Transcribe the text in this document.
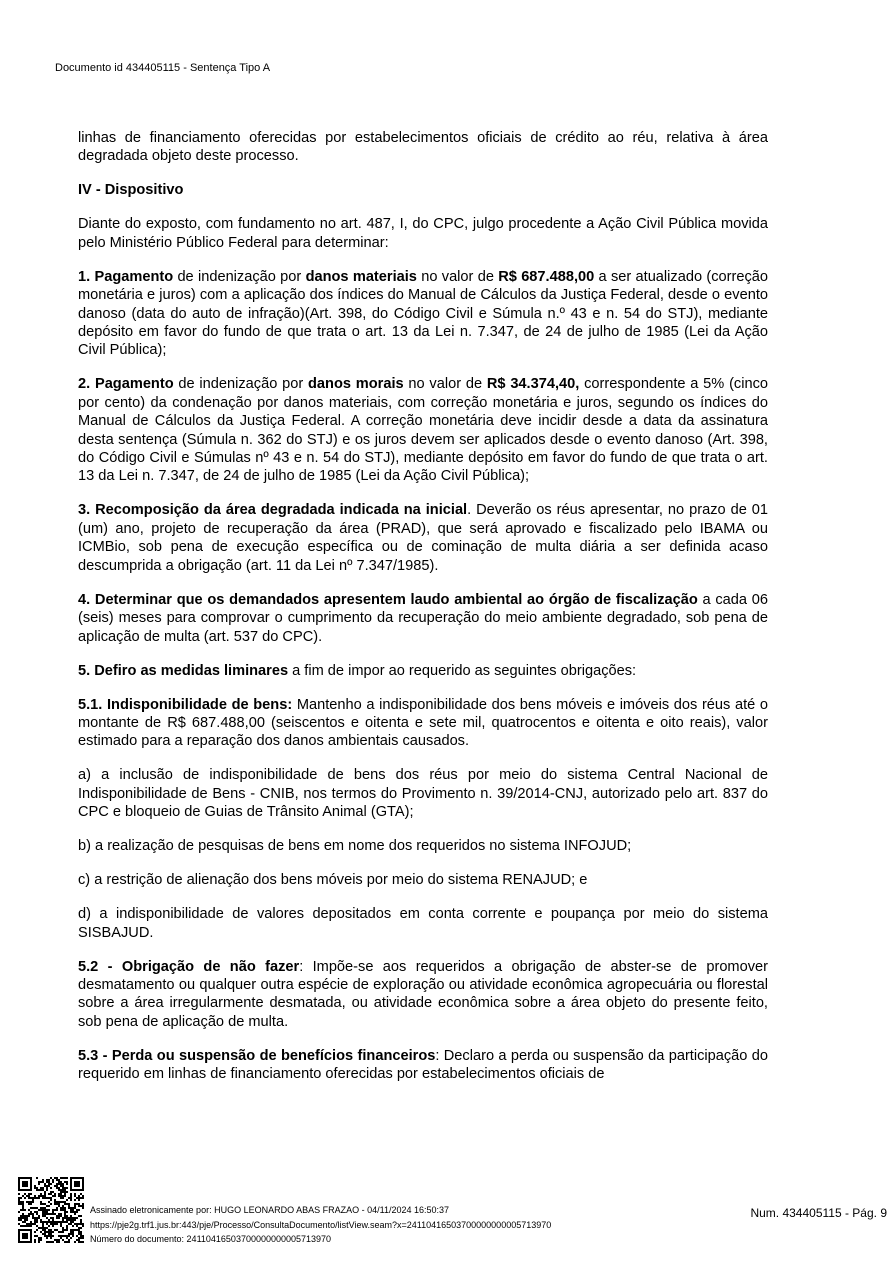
Documento id 434405115 - Sentença Tipo A

linhas de financiamento oferecidas por estabelecimentos oficiais de crédito ao réu, relativa à área degradada objeto deste processo.

IV - Dispositivo

Diante do exposto, com fundamento no art. 487, I, do CPC, julgo procedente a Ação Civil Pública movida pelo Ministério Público Federal para determinar:

1. Pagamento de indenização por danos materiais no valor de R$ 687.488,00 a ser atualizado (correção monetária e juros) com a aplicação dos índices do Manual de Cálculos da Justiça Federal, desde o evento danoso (data do auto de infração)(Art. 398, do Código Civil e Súmula n.º 43 e n. 54 do STJ), mediante depósito em favor do fundo de que trata o art. 13 da Lei n. 7.347, de 24 de julho de 1985 (Lei da Ação Civil Pública);

2. Pagamento de indenização por danos morais no valor de R$ 34.374,40, correspondente a 5% (cinco por cento) da condenação por danos materiais, com correção monetária e juros, segundo os índices do Manual de Cálculos da Justiça Federal. A correção monetária deve incidir desde a data da assinatura desta sentença (Súmula n. 362 do STJ) e os juros devem ser aplicados desde o evento danoso (Art. 398, do Código Civil e Súmulas nº 43 e n. 54 do STJ), mediante depósito em favor do fundo de que trata o art. 13 da Lei n. 7.347, de 24 de julho de 1985 (Lei da Ação Civil Pública);

3. Recomposição da área degradada indicada na inicial. Deverão os réus apresentar, no prazo de 01 (um) ano, projeto de recuperação da área (PRAD), que será aprovado e fiscalizado pelo IBAMA ou ICMBio, sob pena de execução específica ou de cominação de multa diária a ser definida acaso descumprida a obrigação (art. 11 da Lei nº 7.347/1985).

4. Determinar que os demandados apresentem laudo ambiental ao órgão de fiscalização a cada 06 (seis) meses para comprovar o cumprimento da recuperação do meio ambiente degradado, sob pena de aplicação de multa (art. 537 do CPC).

5. Defiro as medidas liminares a fim de impor ao requerido as seguintes obrigações:

5.1. Indisponibilidade de bens: Mantenho a indisponibilidade dos bens móveis e imóveis dos réus até o montante de R$ 687.488,00 (seiscentos e oitenta e sete mil, quatrocentos e oitenta e oito reais), valor estimado para a reparação dos danos ambientais causados.

a) a inclusão de indisponibilidade de bens dos réus por meio do sistema Central Nacional de Indisponibilidade de Bens - CNIB, nos termos do Provimento n. 39/2014-CNJ, autorizado pelo art. 837 do CPC e bloqueio de Guias de Trânsito Animal (GTA);

b) a realização de pesquisas de bens em nome dos requeridos no sistema INFOJUD;

c) a restrição de alienação dos bens móveis por meio do sistema RENAJUD; e

d) a indisponibilidade de valores depositados em conta corrente e poupança por meio do sistema SISBAJUD.

5.2 - Obrigação de não fazer: Impõe-se aos requeridos a obrigação de abster-se de promover desmatamento ou qualquer outra espécie de exploração ou atividade econômica agropecuária ou florestal sobre a área irregularmente desmatada, ou atividade econômica sobre a área objeto do presente feito, sob pena de aplicação de multa.

5.3 - Perda ou suspensão de benefícios financeiros: Declaro a perda ou suspensão da participação do requerido em linhas de financiamento oferecidas por estabelecimentos oficiais de

Assinado eletronicamente por: HUGO LEONARDO ABAS FRAZAO - 04/11/2024 16:50:37
https://pje2g.trf1.jus.br:443/pje/Processo/ConsultaDocumento/listView.seam?x=24110416503700000000005713970
Número do documento: 24110416503700000000005713970
Num. 434405115 - Pág. 9
